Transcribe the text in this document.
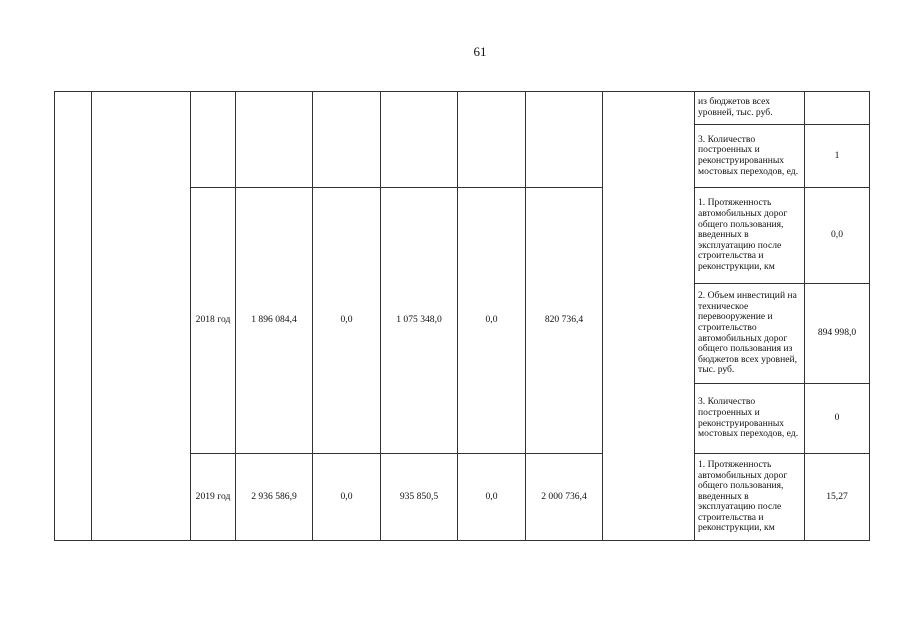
61
									из бюджетов всех уровней, тыс. руб.	
									3. Количество построенных и реконструированных мостовых переходов, ед.	1
		2018 год	1 896 084,4	0,0	1 075 348,0	0,0	820 736,4		1. Протяженность автомобильных дорог общего пользования, введенных в эксплуатацию после строительства и реконструкции, км	0,0
									2. Объем инвестиций на техническое перевооружение и строительство автомобильных дорог общего пользования из бюджетов всех уровней, тыс. руб.	894 998,0
									3. Количество построенных и реконструированных мостовых переходов, ед.	0
		2019 год	2 936 586,9	0,0	935 850,5	0,0	2 000 736,4		1. Протяженность автомобильных дорог общего пользования, введенных в эксплуатацию после строительства и реконструкции, км	15,27
